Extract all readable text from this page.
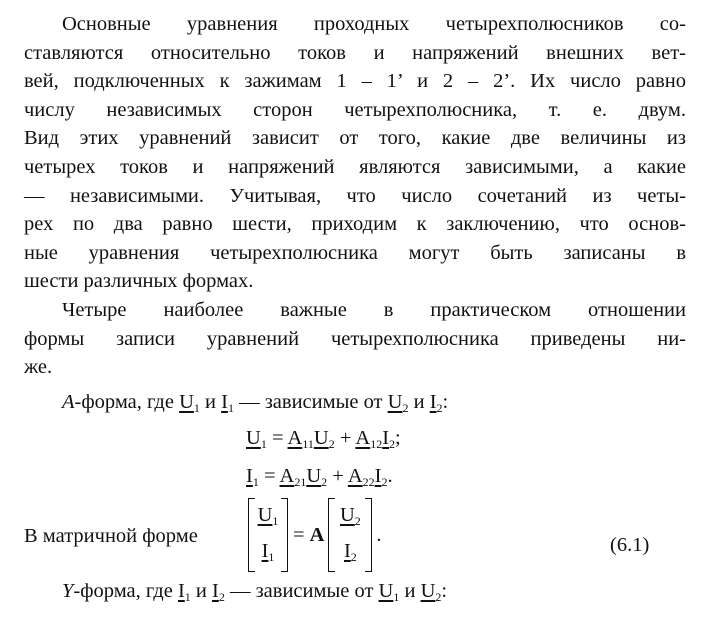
Основные уравнения проходных четырехполюсников со-
ставляются относительно токов и напряжений внешних вет-
вей, подключенных к зажимам 1 – 1’ и 2 – 2’. Их число равно
числу независимых сторон четырехполюсника, т. е. двум.
Вид этих уравнений зависит от того, какие две величины из
четырех токов и напряжений являются зависимыми, а какие
— независимыми. Учитывая, что число сочетаний из четы-
рех по два равно шести, приходим к заключению, что основ-
ные уравнения четырехполюсника могут быть записаны в
шести различных формах.
Четыре наиболее важные в практическом отношении
формы записи уравнений четырехполюсника приведены ни-
же.
A-форма, где $U_1$ и $I_1$ — зависимые от $U_2$ и $I_2$:
$U_1 = A_{11}U_2 + A_{12}I_2$;
$I_1 = A_{21}U_2 + A_{22}I_2$.
В матричной форме
$U_1$
$I_1$
= A
$U_2$
$I_2$
.	(6.1)
Y-форма, где $I_1$ и $I_2$ — зависимые от $U_1$ и $U_2$:
